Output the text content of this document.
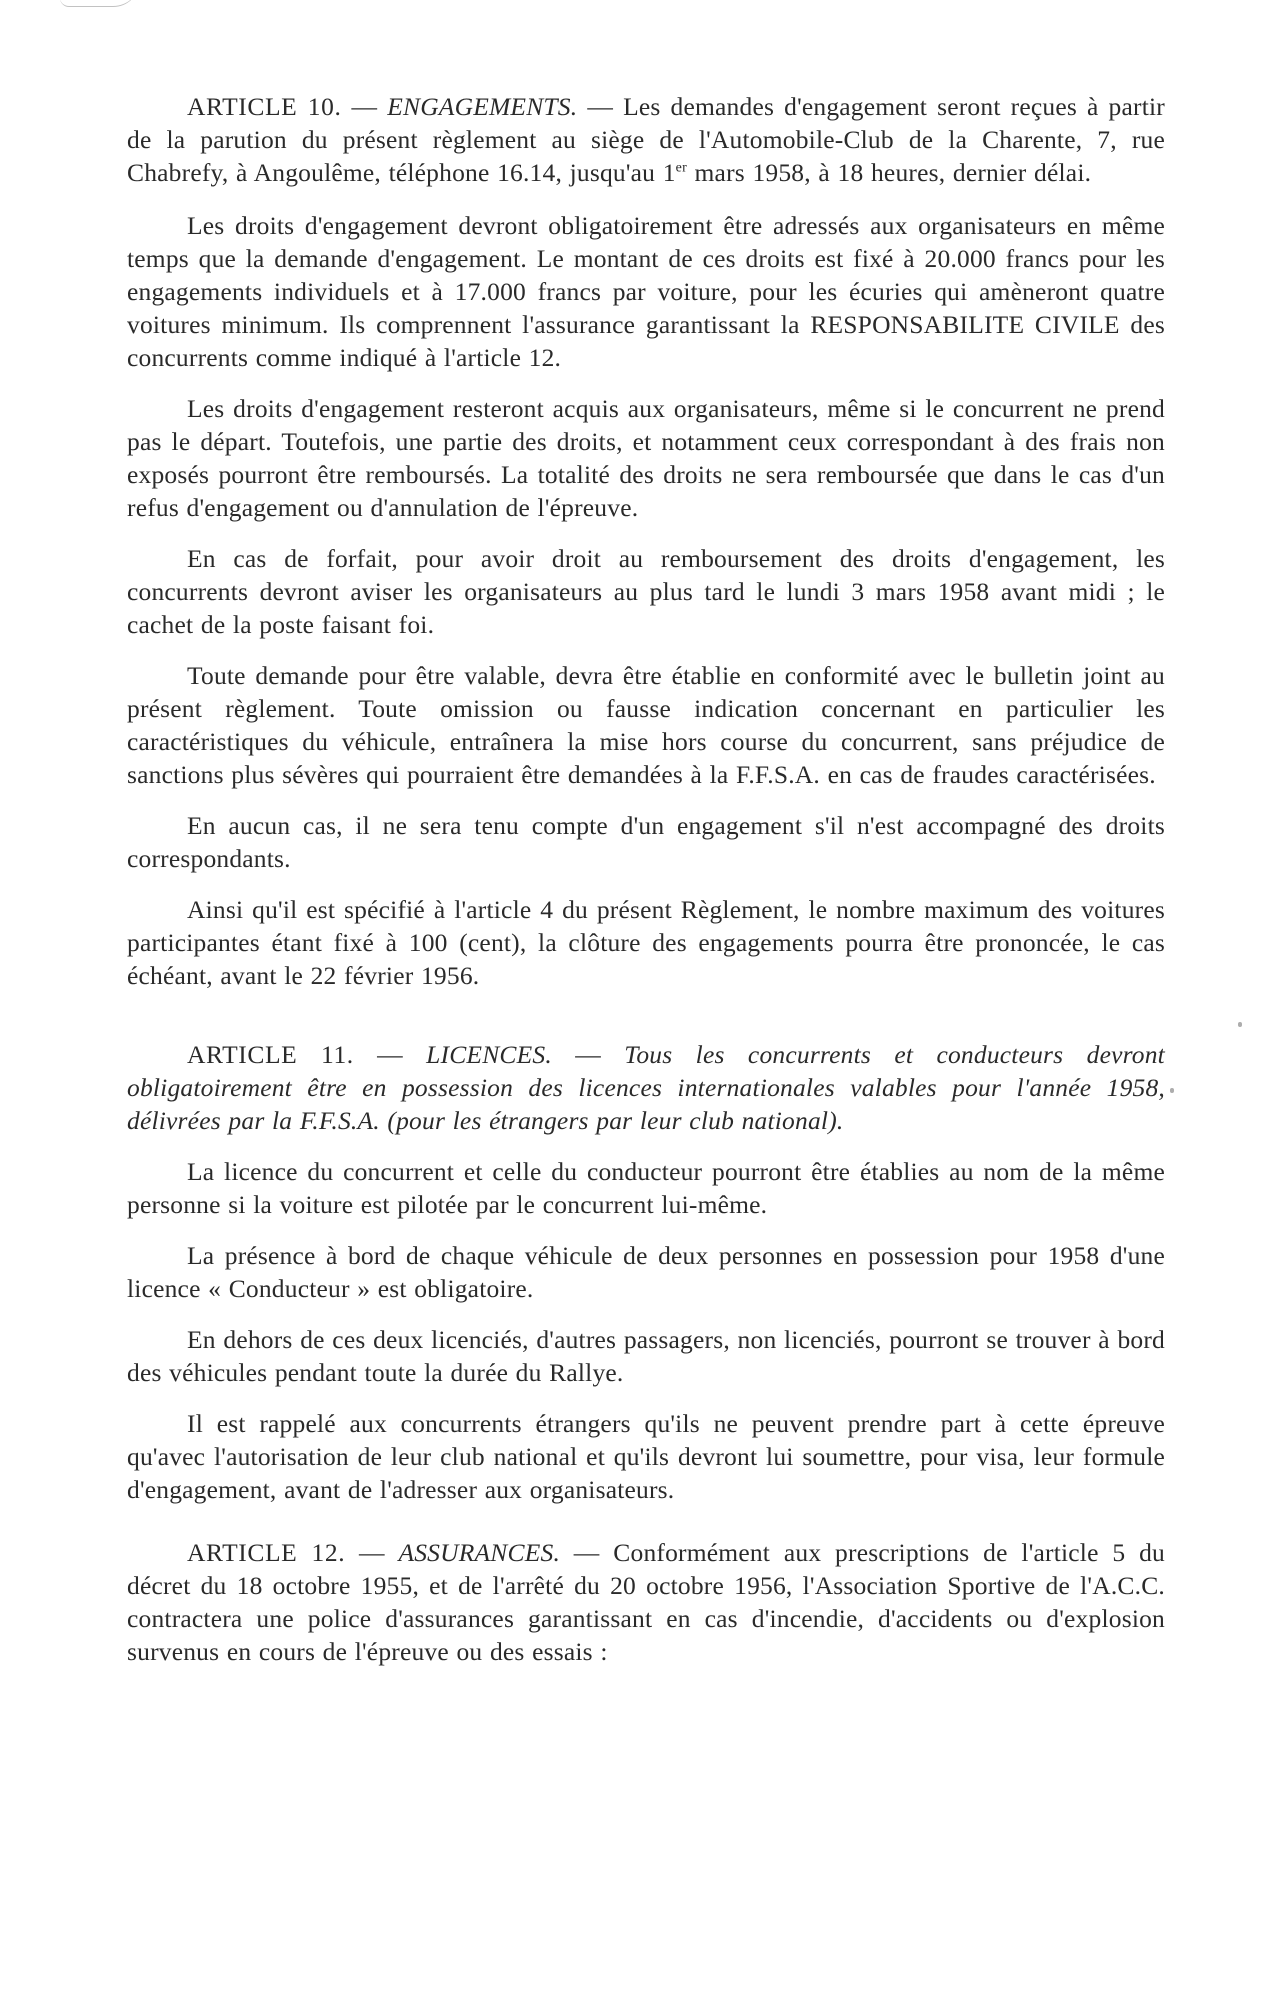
ARTICLE 10. — ENGAGEMENTS. — Les demandes d'engagement seront reçues à partir de la parution du présent règlement au siège de l'Automobile-Club de la Charente, 7, rue Chabrefy, à Angoulême, téléphone 16.14, jusqu'au 1er mars 1958, à 18 heures, dernier délai.

Les droits d'engagement devront obligatoirement être adressés aux organisateurs en même temps que la demande d'engagement. Le montant de ces droits est fixé à 20.000 francs pour les engagements individuels et à 17.000 francs par voiture, pour les écuries qui amèneront quatre voitures minimum. Ils comprennent l'assurance garantissant la RESPONSABILITE CIVILE des concurrents comme indiqué à l'article 12.

Les droits d'engagement resteront acquis aux organisateurs, même si le concurrent ne prend pas le départ. Toutefois, une partie des droits, et notamment ceux correspondant à des frais non exposés pourront être remboursés. La totalité des droits ne sera remboursée que dans le cas d'un refus d'engagement ou d'annulation de l'épreuve.

En cas de forfait, pour avoir droit au remboursement des droits d'engagement, les concurrents devront aviser les organisateurs au plus tard le lundi 3 mars 1958 avant midi ; le cachet de la poste faisant foi.

Toute demande pour être valable, devra être établie en conformité avec le bulletin joint au présent règlement. Toute omission ou fausse indication concernant en particulier les caractéristiques du véhicule, entraînera la mise hors course du concurrent, sans préjudice de sanctions plus sévères qui pourraient être demandées à la F.F.S.A. en cas de fraudes caractérisées.

En aucun cas, il ne sera tenu compte d'un engagement s'il n'est accompagné des droits correspondants.

Ainsi qu'il est spécifié à l'article 4 du présent Règlement, le nombre maximum des voitures participantes étant fixé à 100 (cent), la clôture des engagements pourra être prononcée, le cas échéant, avant le 22 février 1956.

ARTICLE 11. — LICENCES. — Tous les concurrents et conducteurs devront obligatoirement être en possession des licences internationales valables pour l'année 1958, délivrées par la F.F.S.A. (pour les étrangers par leur club national).

La licence du concurrent et celle du conducteur pourront être établies au nom de la même personne si la voiture est pilotée par le concurrent lui-même.

La présence à bord de chaque véhicule de deux personnes en possession pour 1958 d'une licence « Conducteur » est obligatoire.

En dehors de ces deux licenciés, d'autres passagers, non licenciés, pourront se trouver à bord des véhicules pendant toute la durée du Rallye.

Il est rappelé aux concurrents étrangers qu'ils ne peuvent prendre part à cette épreuve qu'avec l'autorisation de leur club national et qu'ils devront lui soumettre, pour visa, leur formule d'engagement, avant de l'adresser aux organisateurs.

ARTICLE 12. — ASSURANCES. — Conformément aux prescriptions de l'article 5 du décret du 18 octobre 1955, et de l'arrêté du 20 octobre 1956, l'Association Sportive de l'A.C.C. contractera une police d'assurances garantissant en cas d'incendie, d'accidents ou d'explosion survenus en cours de l'épreuve ou des essais :
